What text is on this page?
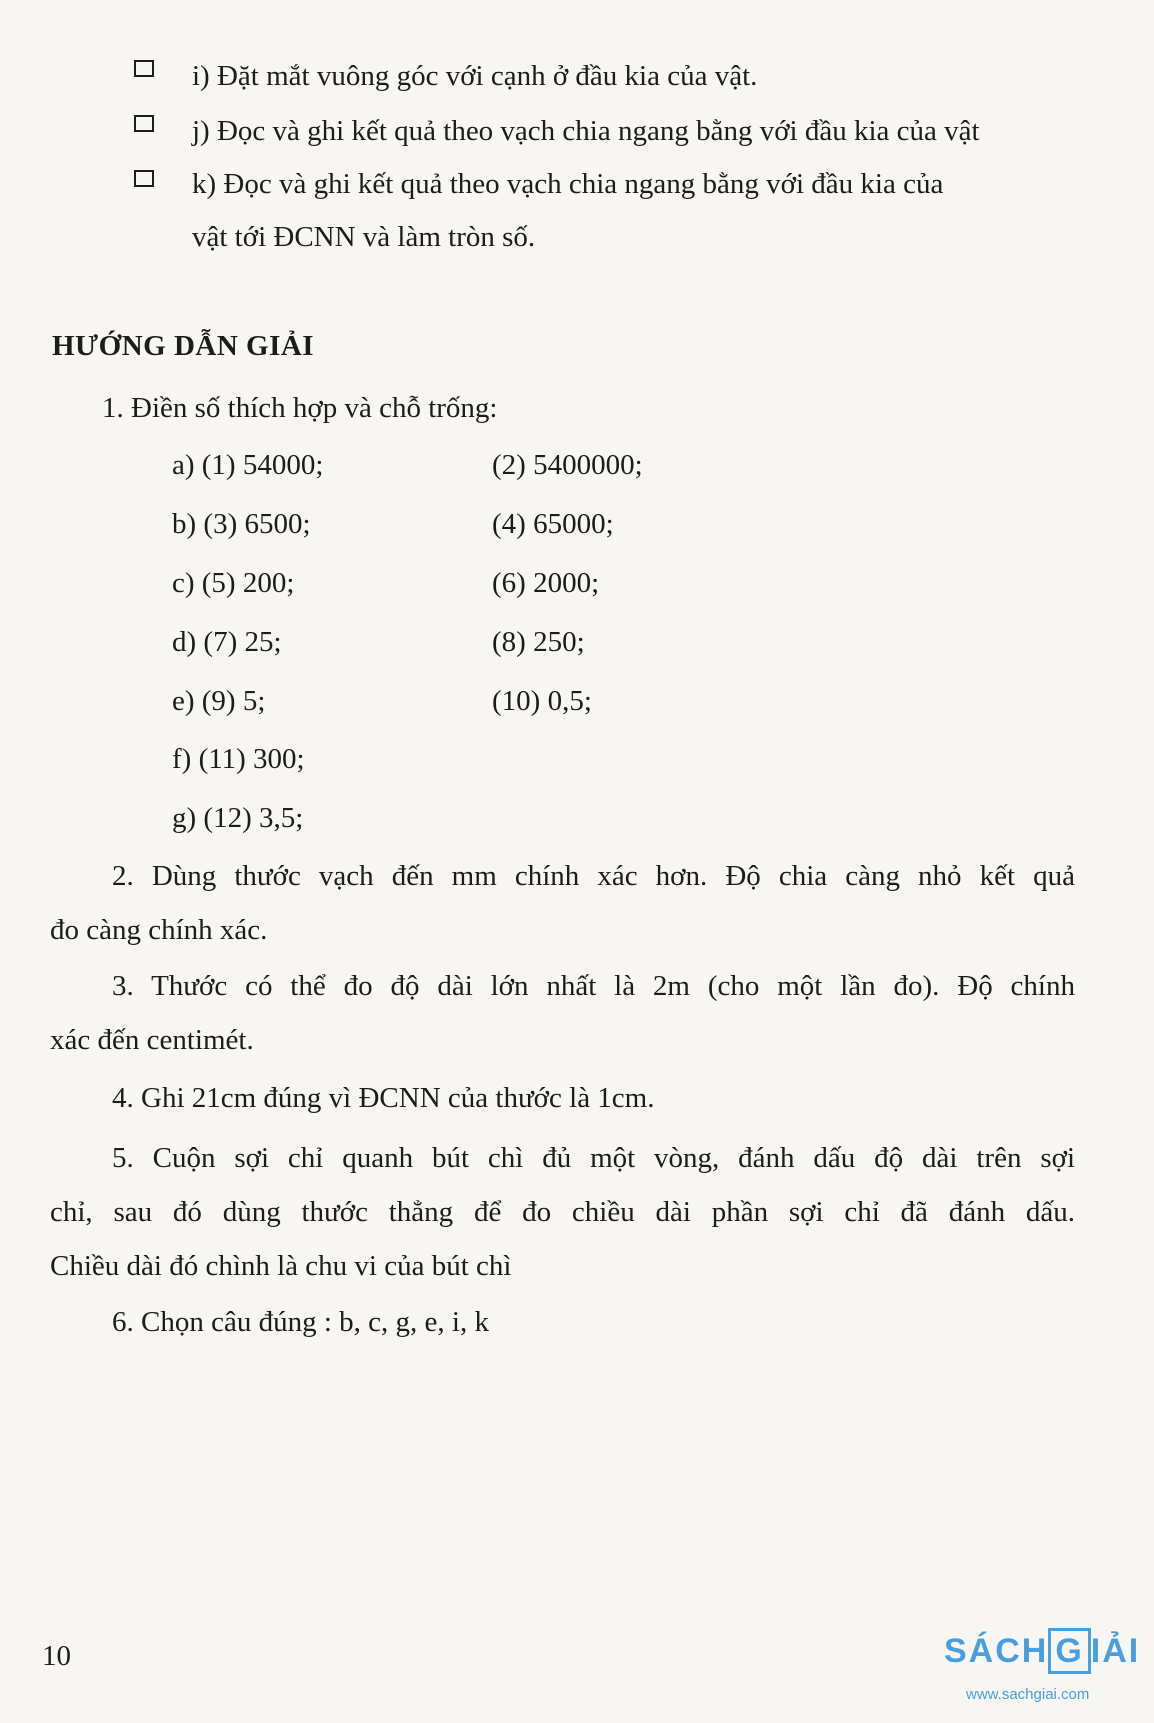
i) Đặt mắt vuông góc với cạnh ở đầu kia của vật.
j) Đọc và ghi kết quả theo vạch chia ngang bằng với đầu kia của vật
k) Đọc và ghi kết quả theo vạch chia ngang bằng với đầu kia của
vật tới ĐCNN và làm tròn số.
HƯỚNG DẪN GIẢI
1. Điền số thích hợp và chỗ trống:
a) (1) 54000;	(2) 5400000;
b) (3) 6500;	(4) 65000;
c) (5) 200;	(6) 2000;
d) (7) 25;	(8) 250;
e) (9) 5;	(10) 0,5;
f) (11) 300;
g) (12) 3,5;
2. Dùng thước vạch đến mm chính xác hơn. Độ chia càng nhỏ kết quả
đo càng chính xác.
3. Thước có thể đo độ dài lớn nhất là 2m (cho một lần đo). Độ chính
xác đến centimét.
4. Ghi 21cm đúng vì ĐCNN của thước là 1cm.
5. Cuộn sợi chỉ quanh bút chì đủ một vòng, đánh dấu độ dài trên sợi
chỉ, sau đó dùng thước thẳng để đo chiều dài phần sợi chỉ đã đánh dấu.
Chiều dài đó chình là chu vi của bút chì
6. Chọn câu đúng : b, c, g, e, i, k
10	SÁCH G IẢI
www.sachgiai.com
